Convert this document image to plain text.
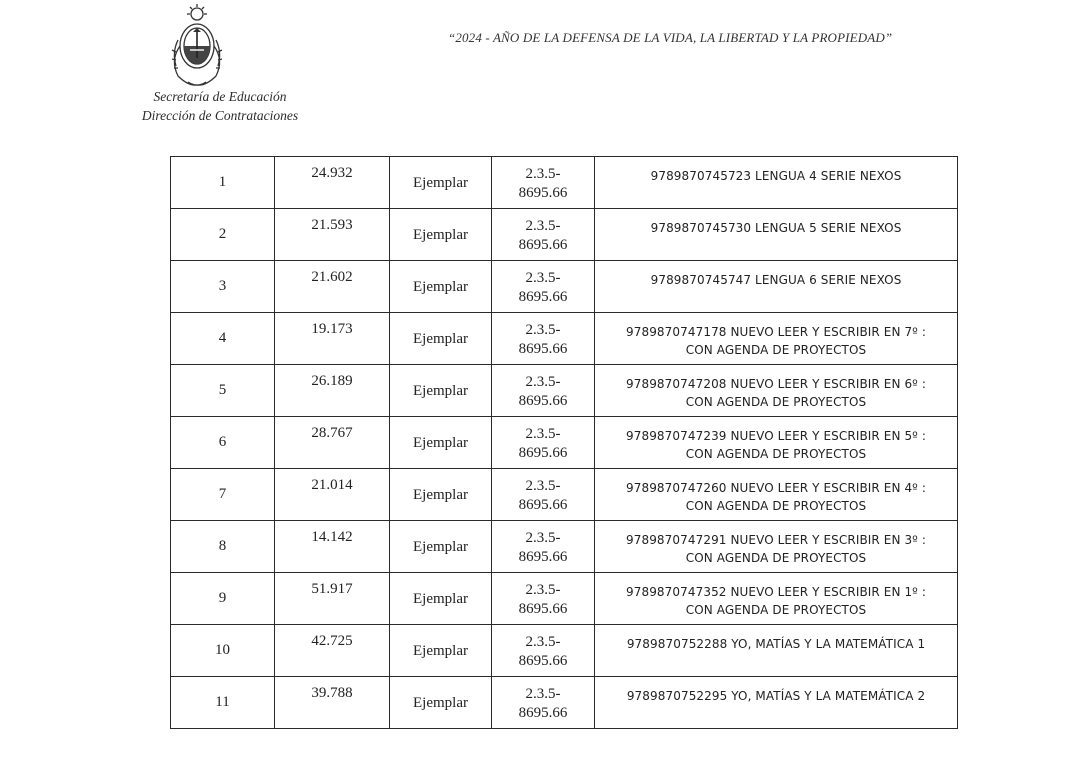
Secretaría de Educación
Dirección de Contrataciones
“2024 - AÑO DE LA DEFENSA DE LA VIDA, LA LIBERTAD Y LA PROPIEDAD”
1	24.932	Ejemplar	2.3.5-8695.66	9789870745723 LENGUA 4 SERIE NEXOS

2	21.593	Ejemplar	2.3.5-8695.66	9789870745730 LENGUA 5 SERIE NEXOS

3	21.602	Ejemplar	2.3.5-8695.66	9789870745747 LENGUA 6 SERIE NEXOS

4	19.173	Ejemplar	2.3.5-8695.66	9789870747178 NUEVO LEER Y ESCRIBIR EN 7º : CON AGENDA DE PROYECTOS

5	26.189	Ejemplar	2.3.5-8695.66	9789870747208 NUEVO LEER Y ESCRIBIR EN 6º : CON AGENDA DE PROYECTOS

6	28.767	Ejemplar	2.3.5-8695.66	9789870747239 NUEVO LEER Y ESCRIBIR EN 5º : CON AGENDA DE PROYECTOS

7	21.014	Ejemplar	2.3.5-8695.66	9789870747260 NUEVO LEER Y ESCRIBIR EN 4º : CON AGENDA DE PROYECTOS

8	14.142	Ejemplar	2.3.5-8695.66	9789870747291 NUEVO LEER Y ESCRIBIR EN 3º : CON AGENDA DE PROYECTOS

9	51.917	Ejemplar	2.3.5-8695.66	9789870747352 NUEVO LEER Y ESCRIBIR EN 1º : CON AGENDA DE PROYECTOS

10	42.725	Ejemplar	2.3.5-8695.66	9789870752288 YO, MATÍAS Y LA MATEMÁTICA 1

11	39.788	Ejemplar	2.3.5-8695.66	9789870752295 YO, MATÍAS Y LA MATEMÁTICA 2
